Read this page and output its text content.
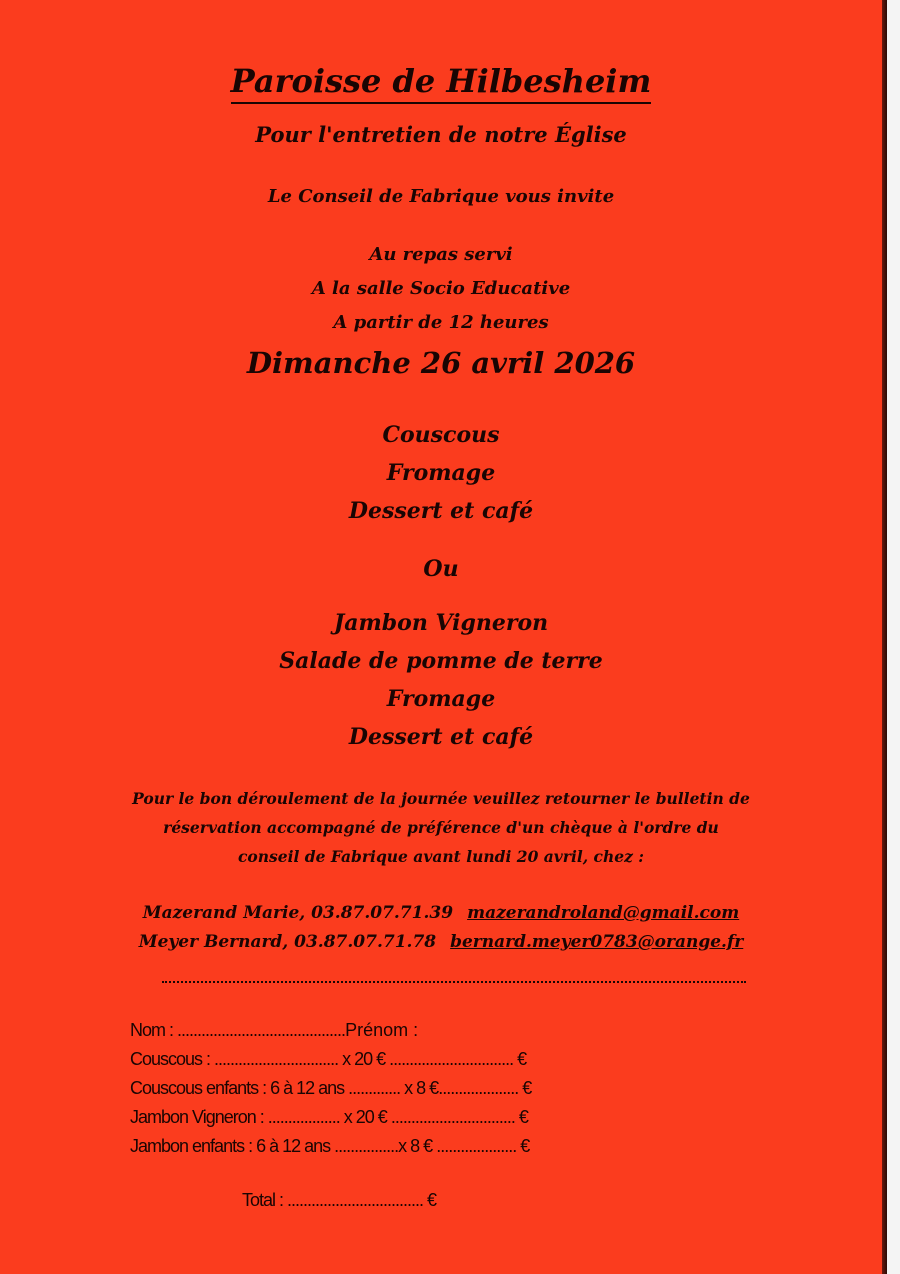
Paroisse de Hilbesheim

Pour l'entretien de notre Église

Le Conseil de Fabrique vous invite

Au repas servi

A la salle Socio Educative

A partir de 12 heures

Dimanche 26 avril 2026

Couscous

Fromage

Dessert et café

Ou

Jambon Vigneron

Salade de pomme de terre

Fromage

Dessert et café

Pour le bon déroulement de la journée veuillez retourner le bulletin de

réservation accompagné de préférence d'un chèque à l'ordre du

conseil de Fabrique avant lundi 20 avril, chez :

Mazerand Marie, 03.87.07.71.39 mazerandroland@gmail.com

Meyer Bernard, 03.87.07.71.78 bernard.meyer0783@orange.fr

Nom : ..........................................Prénom :

Couscous : ............................... x 20 € ............................... €

Couscous enfants : 6 à 12 ans ............. x 8 €.................... €

Jambon Vigneron : .................. x 20 € ............................... €

Jambon enfants : 6 à 12 ans ................x 8 € .................... €

Total : .................................. €
